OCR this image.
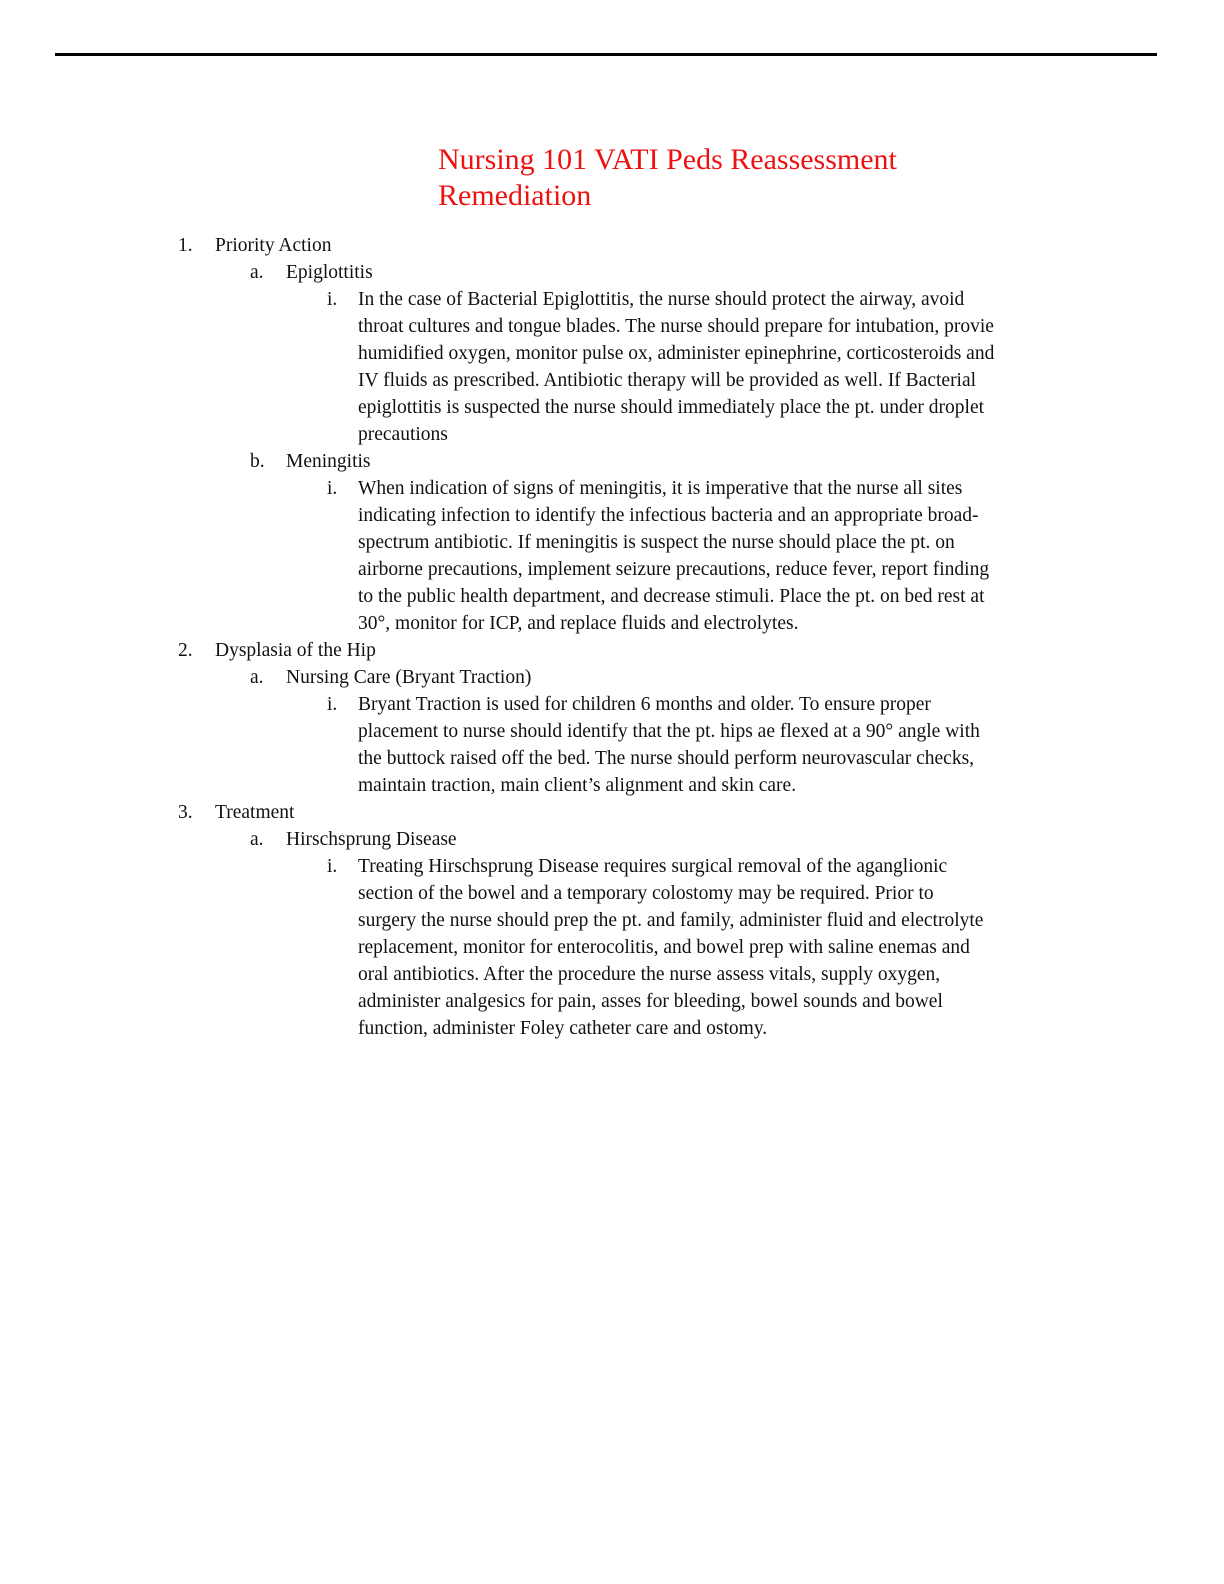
Nursing 101 VATI Peds Reassessment
Remediation
1. Priority Action
a. Epiglottitis
i. In the case of Bacterial Epiglottitis, the nurse should protect the airway, avoid
throat cultures and tongue blades. The nurse should prepare for intubation, provie
humidified oxygen, monitor pulse ox, administer epinephrine, corticosteroids and
IV fluids as prescribed. Antibiotic therapy will be provided as well. If Bacterial
epiglottitis is suspected the nurse should immediately place the pt. under droplet
precautions
b. Meningitis
i. When indication of signs of meningitis, it is imperative that the nurse all sites
indicating infection to identify the infectious bacteria and an appropriate broad-
spectrum antibiotic. If meningitis is suspect the nurse should place the pt. on
airborne precautions, implement seizure precautions, reduce fever, report finding
to the public health department, and decrease stimuli. Place the pt. on bed rest at
30°, monitor for ICP, and replace fluids and electrolytes.
2. Dysplasia of the Hip
a. Nursing Care (Bryant Traction)
i. Bryant Traction is used for children 6 months and older. To ensure proper
placement to nurse should identify that the pt. hips ae flexed at a 90° angle with
the buttock raised off the bed. The nurse should perform neurovascular checks,
maintain traction, main client’s alignment and skin care.
3. Treatment
a. Hirschsprung Disease
i. Treating Hirschsprung Disease requires surgical removal of the aganglionic
section of the bowel and a temporary colostomy may be required. Prior to
surgery the nurse should prep the pt. and family, administer fluid and electrolyte
replacement, monitor for enterocolitis, and bowel prep with saline enemas and
oral antibiotics. After the procedure the nurse assess vitals, supply oxygen,
administer analgesics for pain, asses for bleeding, bowel sounds and bowel
function, administer Foley catheter care and ostomy.
